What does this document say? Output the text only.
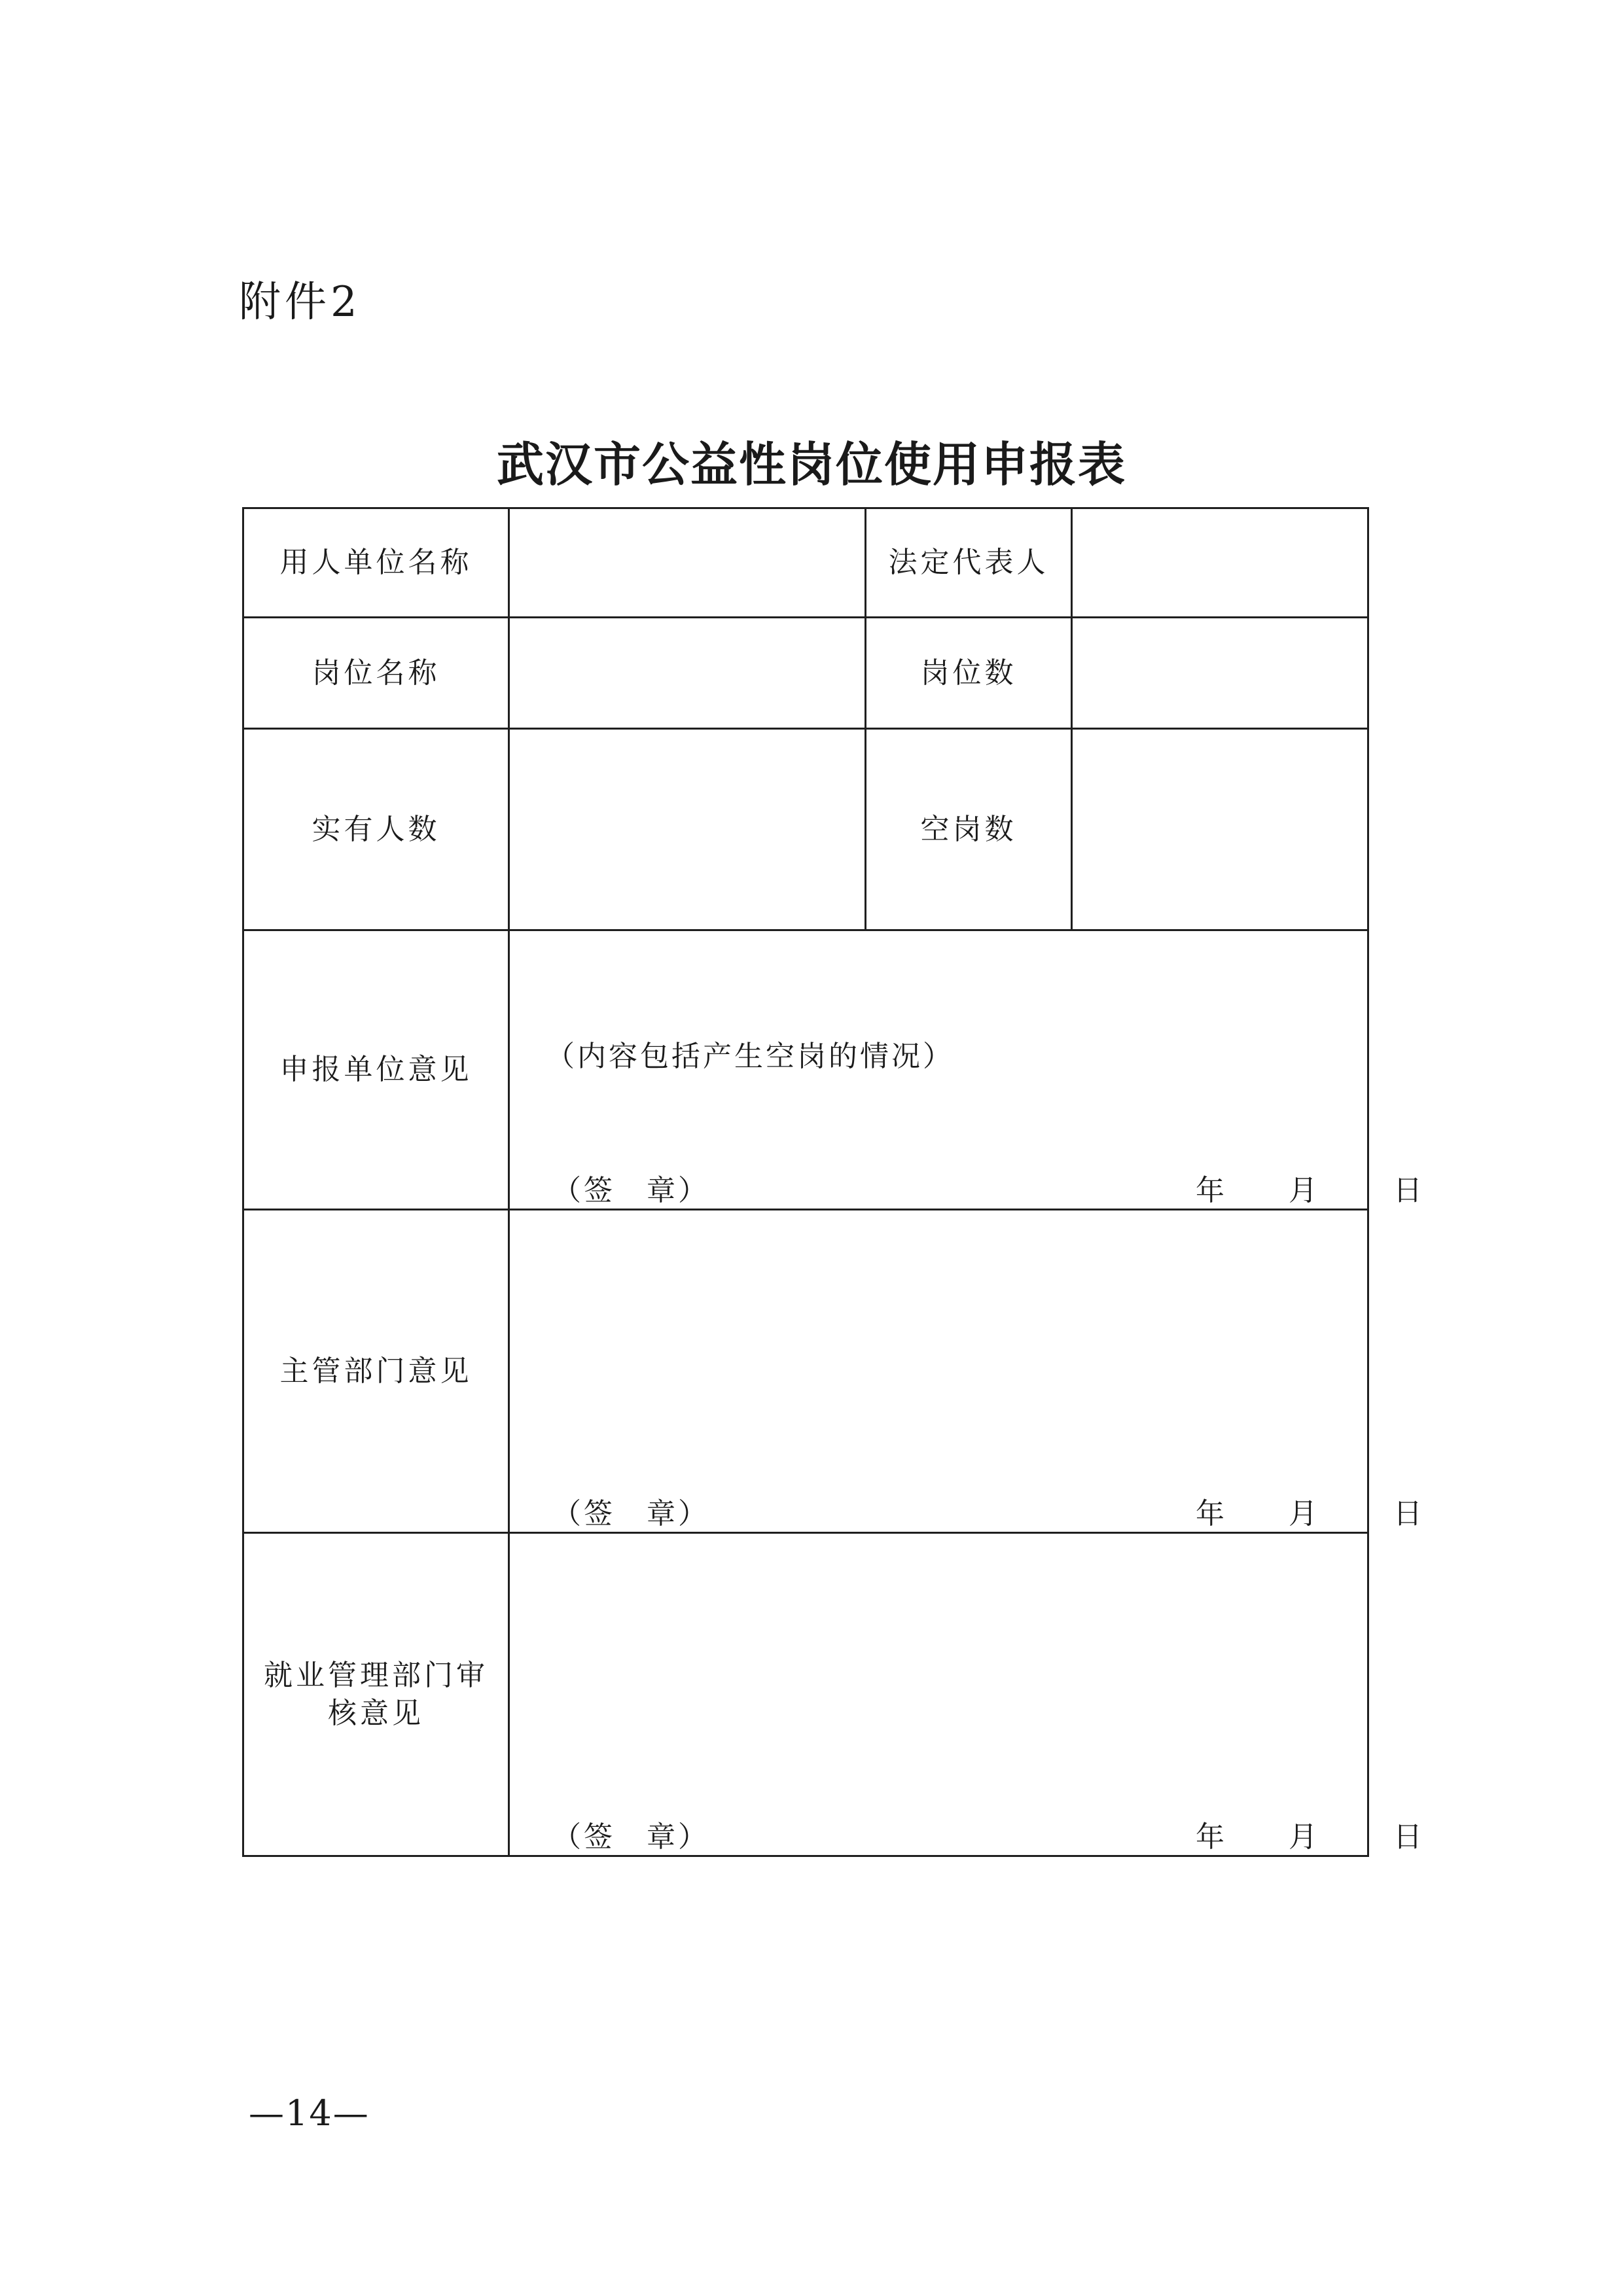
附件2
武汉市公益性岗位使用申报表
用人单位名称		法定代表人	
岗位名称		岗位数	
实有人数		空岗数	
申报单位意见	（内容包括产生空岗的情况）
（签　章） 年 月 日		

主管部门意见	（签　章） 年 月 日		

就业管理部门审核意见	（签　章） 年 月 日		
—14—
